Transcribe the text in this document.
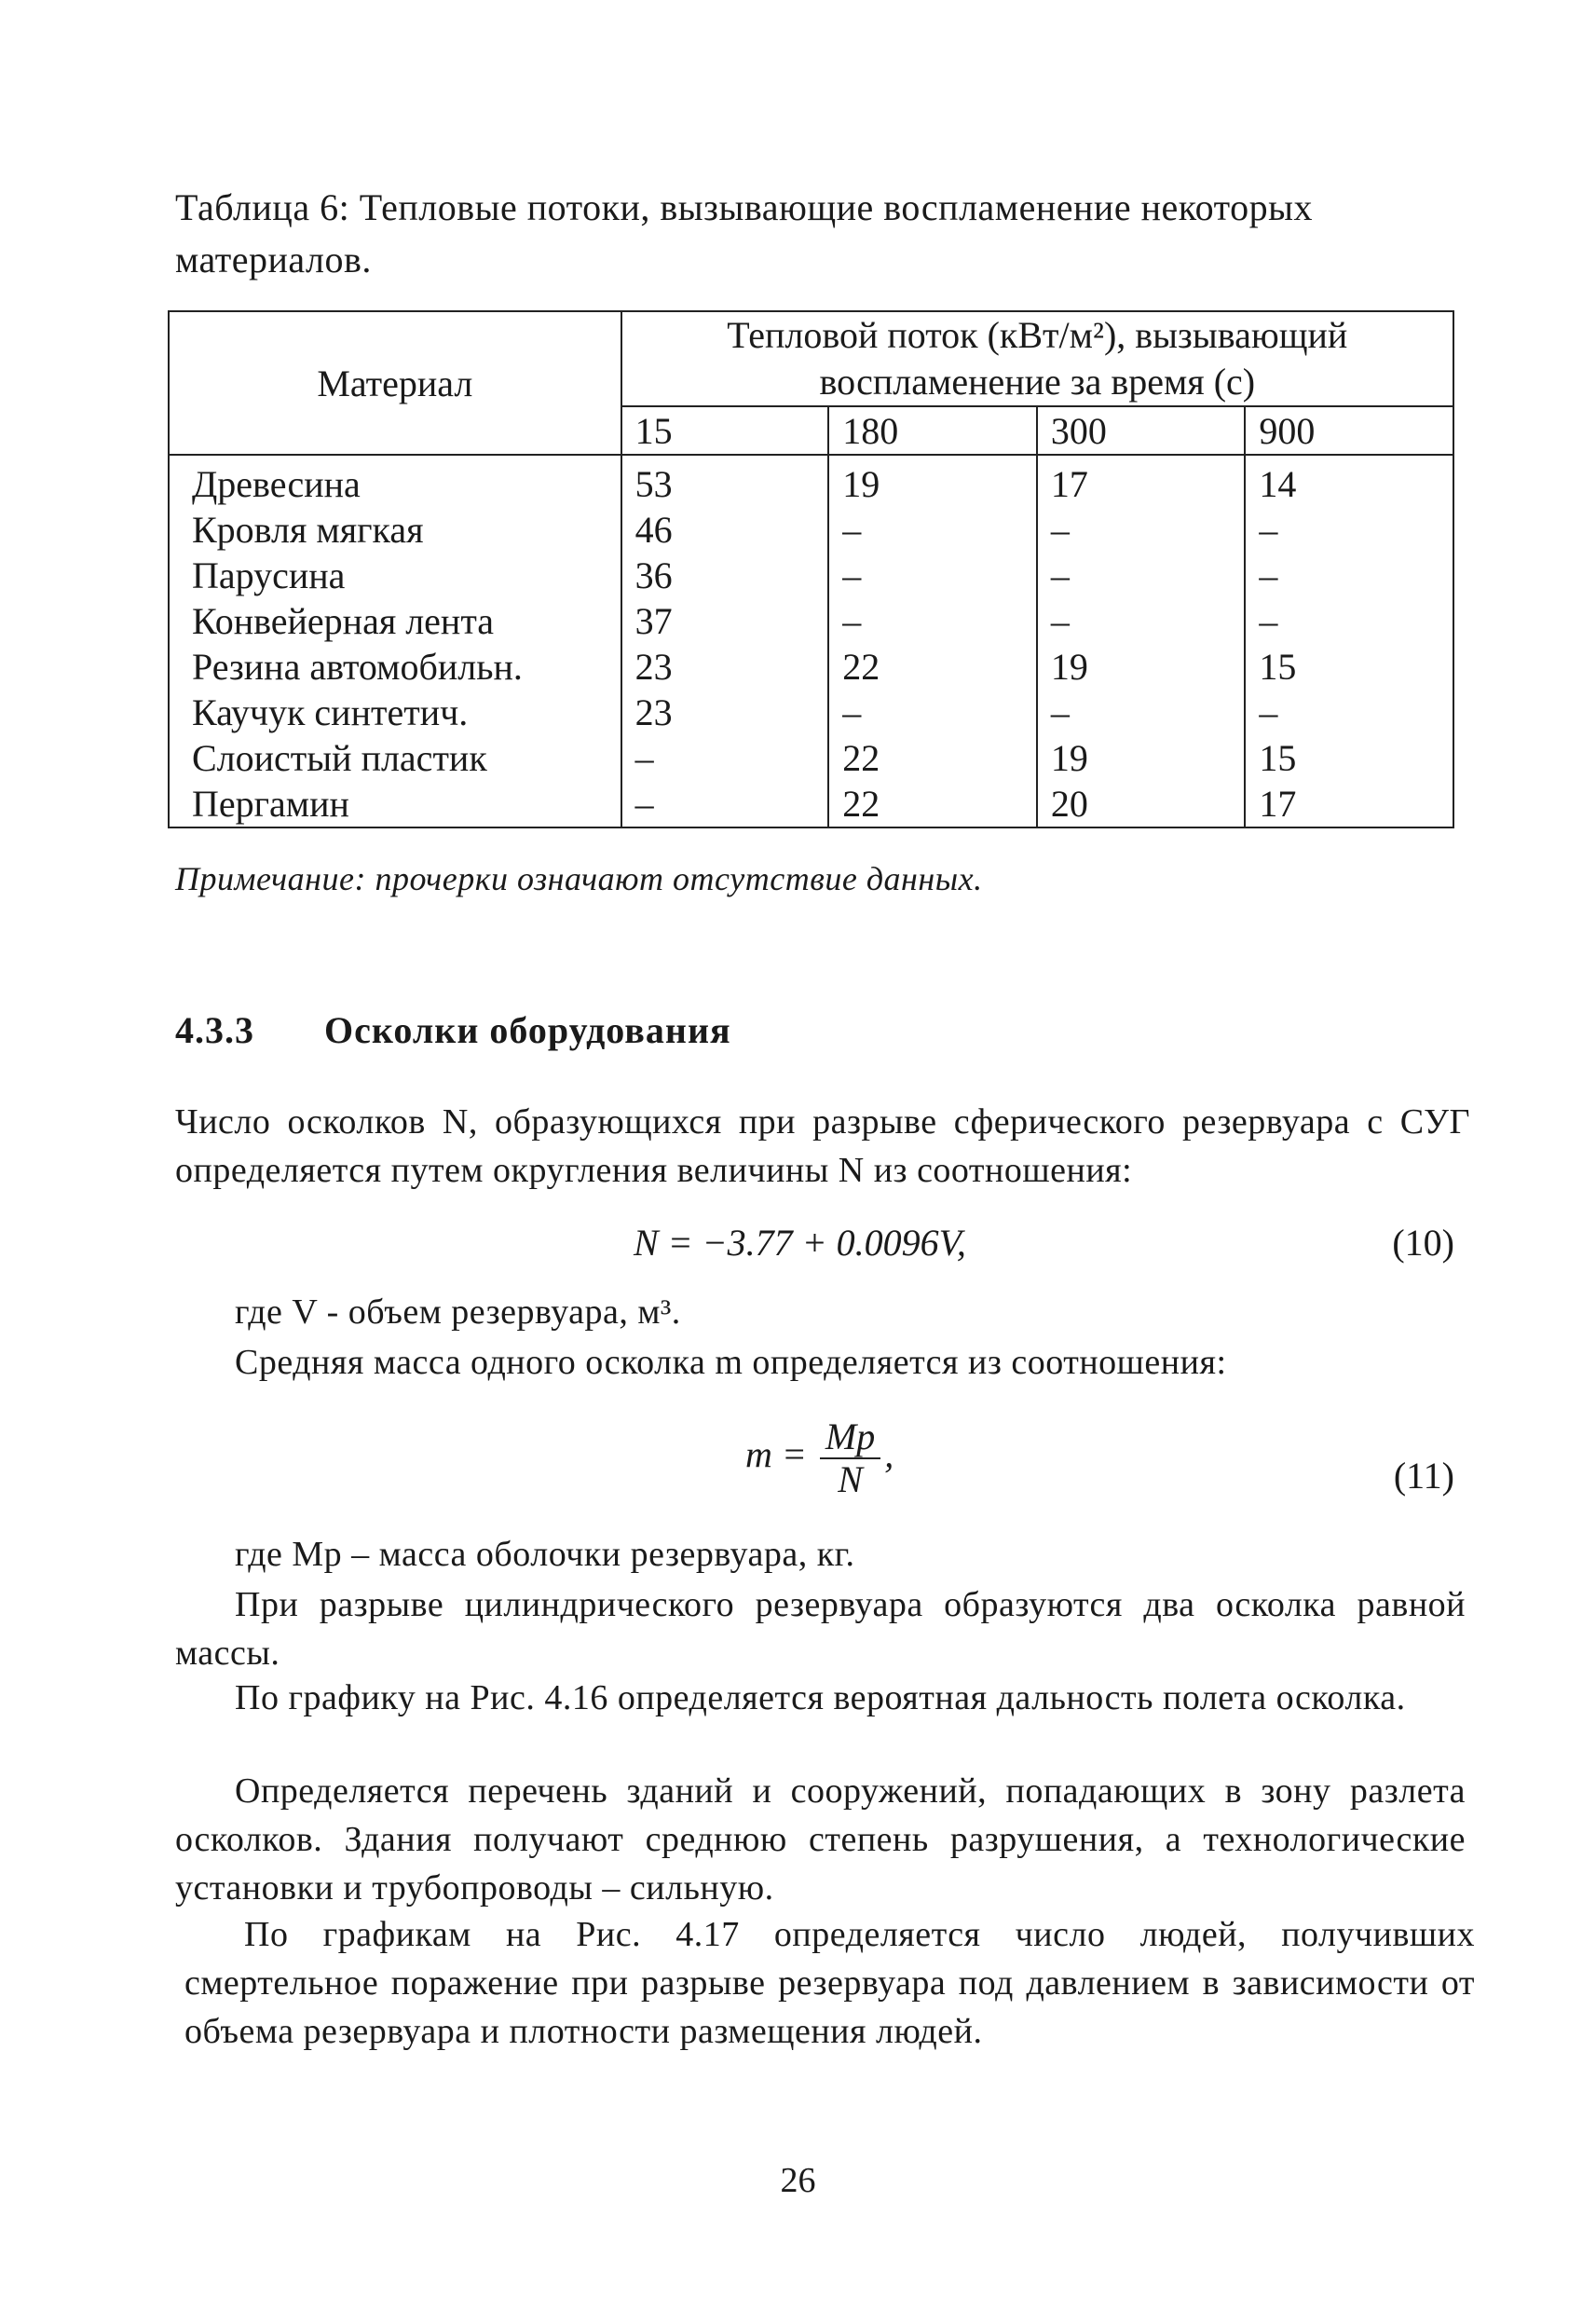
Таблица 6: Тепловые потоки, вызывающие воспламенение некоторых материалов.
Материал	Тепловой поток (кВт/м²), вызывающий
воспламенение за время (с)			
	15	180	300	900
Древесина	53	19	17	14
Кровля мягкая	46	–	–	–
Парусина	36	–	–	–
Конвейерная лента	37	–	–	–
Резина автомобильн.	23	22	19	15
Каучук синтетич.	23	–	–	–
Слоистый пластик	–	22	19	15
Пергамин	–	22	20	17
Примечание: прочерки означают отсутствие данных.
4.3.3 Осколки оборудования
Число осколков N, образующихся при разрыве сферического резервуара с СУГ определяется путем округления величины N из соотношения:
N = −3.77 + 0.0096V,	(10)
где V - объем резервуара, м³.
Средняя масса одного осколка m определяется из соотношения:
$m = \frac{Mp}{N}$ ,
(11)
где Mp – масса оболочки резервуара, кг.
При разрыве цилиндрического резервуара образуются два осколка равной массы.
По графику на Рис. 4.16 определяется вероятная дальность полета осколка.
Определяется перечень зданий и сооружений, попадающих в зону разлета осколков. Здания получают среднюю степень разрушения, а технологические установки и трубопроводы – сильную.
По графикам на Рис. 4.17 определяется число людей, получивших смертельное поражение при разрыве резервуара под давлением в зависимости от объема резервуара и плотности размещения людей.
26
